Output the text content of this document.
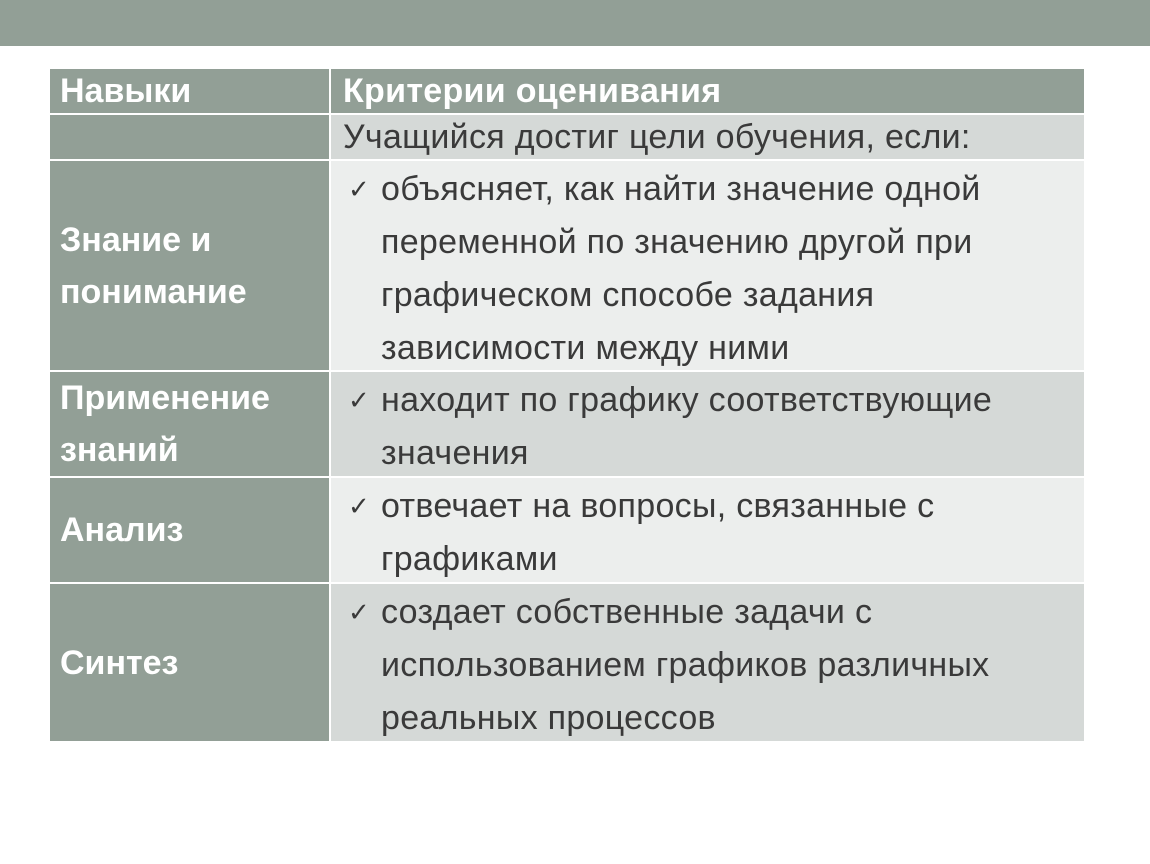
Навыки	Критерии оценивания
Учащийся достиг цели обучения, если:
Знание и понимание
✓ объясняет, как найти значение одной переменной по значению другой при графическом способе задания зависимости между ними
Применение знаний
✓ находит по графику соответствующие значения
Анализ
✓ отвечает на вопросы, связанные с графиками
Синтез
✓ создает собственные задачи с использованием графиков различных реальных процессов
